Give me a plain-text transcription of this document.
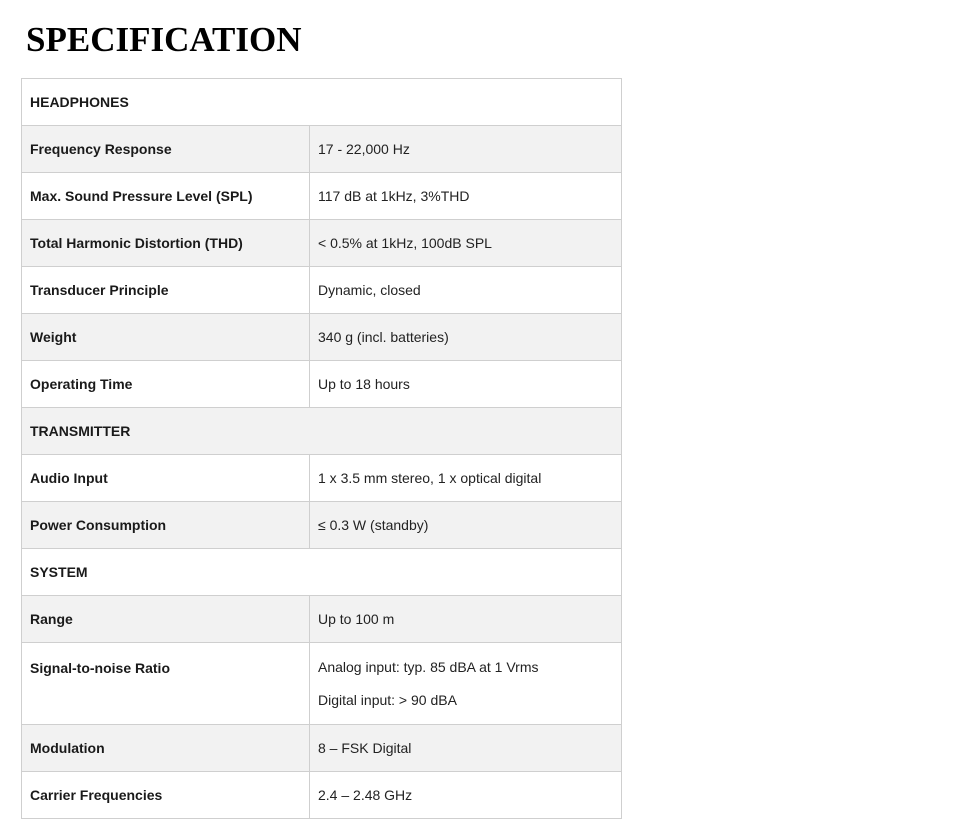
SPECIFICATION
HEADPHONES	
Frequency Response	17 - 22,000 Hz
Max. Sound Pressure Level (SPL)	117 dB at 1kHz, 3%THD
Total Harmonic Distortion (THD)	< 0.5% at 1kHz, 100dB SPL
Transducer Principle	Dynamic, closed
Weight	340 g (incl. batteries)
Operating Time	Up to 18 hours
TRANSMITTER	
Audio Input	1 x 3.5 mm stereo, 1 x optical digital
Power Consumption	≤ 0.3 W (standby)
SYSTEM	
Range	Up to 100 m
Signal-to-noise Ratio	Analog input: typ. 85 dBA at 1 Vrms
Digital input: > 90 dBA

Modulation	8 – FSK Digital
Carrier Frequencies	2.4 – 2.48 GHz
